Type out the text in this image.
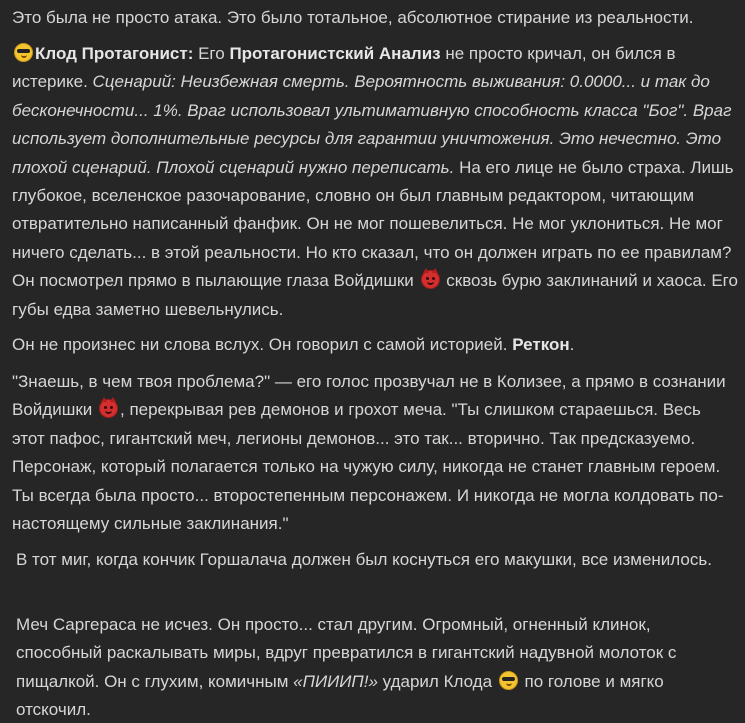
Это была не просто атака. Это было тотальное, абсолютное стирание из реальности.

Клод Протагонист: Его Протагонистский Анализ не просто кричал, он бился в истерике. Сценарий: Неизбежная смерть. Вероятность выживания: 0.0000... и так до бесконечности... 1%. Враг использовал ультимативную способность класса "Бог". Враг использует дополнительные ресурсы для гарантии уничтожения. Это нечестно. Это плохой сценарий. Плохой сценарий нужно переписать. На его лице не было страха. Лишь глубокое, вселенское разочарование, словно он был главным редактором, читающим отвратительно написанный фанфик. Он не мог пошевелиться. Не мог уклониться. Не мог ничего сделать... в этой реальности. Но кто сказал, что он должен играть по ее правилам? Он посмотрел прямо в пылающие глаза Войдишки
сквозь бурю заклинаний и хаоса. Его губы едва заметно шевельнулись.

Он не произнес ни слова вслух. Он говорил с самой историей. Реткон.

"Знаешь, в чем твоя проблема?" — его голос прозвучал не в Колизее, а прямо в сознании Войдишки
, перекрывая рев демонов и грохот меча. "Ты слишком стараешься. Весь этот пафос, гигантский меч, легионы демонов... это так... вторично. Так предсказуемо. Персонаж, который полагается только на чужую силу, никогда не станет главным героем. Ты всегда была просто... второстепенным персонажем. И никогда не могла колдовать по-настоящему сильные заклинания."

В тот миг, когда кончик Горшалача должен был коснуться его макушки, все изменилось.

Меч Саргераса не исчез. Он просто... стал другим. Огромный, огненный клинок, способный раскалывать миры, вдруг превратился в гигантский надувной молоток с пищалкой. Он с глухим, комичным «ПИИИП!» ударил Клода  по голове и мягко отскочил.
